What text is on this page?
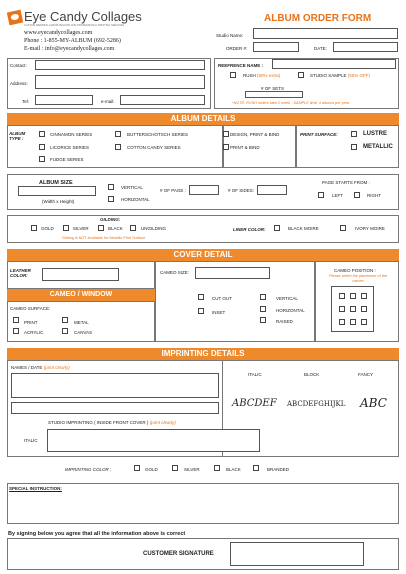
Eye Candy Collages
CUSTOM WEDDING ALBUM DESIGNS AND PROFESSIONAL PRINTING SERVICES
www.eyecandycollages.com
Phone : 1-855-MY-ALBUM (692-5286)
E-mail : info@eyecandycollages.com
ALBUM ORDER FORM
Studio Name:
ORDER #:	DATE:
Contact:
Address:
Tel:	e-mail:
REEFRENCE NAME :
RUSH (50% extra)	STUDIO SAMPLE (50% OFF)
# OF SETS
*NOTE: RUSH orders take 2 week - SAMPLE limit: 4 albums per year
ALBUM DETAILS
ALBUM TYPE :
CINNAMON SERIES	BUTTERSCHOTSCH SERIES
LICORICE SERIES	COTTON CANDY SERIES
FUDGE SERIES
DESIGN, PRINT & BIND
PRINT & BIND
PRINT SURFACE:	LUSTRE
METALLIC
ALBUM SIZE
(Width x Height)
VERTICAL
HORIZONTAL
# OF PAGE :	# OF SIDES:
PAGE STARTS FROM :
LEFT	RIGHT
GILDING:
GOLD	SILVER	BLACK	UNGILDING
Gilding is NOT Available for Metallic Print Surface
LINER COLOR:	BLACK MOIRE	IVORY MOIRE
COVER DETAIL
LEATHER COLOR:
CAMEO / WINDOW
CAMEO SURFACE:
PRINT	METAL
ACRYLIC	CANVAS
CAMEO SIZE:
CUT OUT
INSET
VERTICAL
HORIZONTAL
RAISED
CAMEO POSITION :
Please select the placement of the cameo
IMPRINTING DETAILS
NAMES / DATE (print clearly)
ITALIC	BLOCK	FANCY
ABCDEF ABCDEFGHIJKL ABC
STUDIO IMPRINTING ( INSIDE FRONT COVER ) (print clearly)
ITALIC
IMPRINTING COLOR :	GOLD	SILVER	BLACK	BRANDED
SPECIAL INSTRUCTION:
By signing below you agree that all the information above is correct
CUSTOMER SIGNATURE
